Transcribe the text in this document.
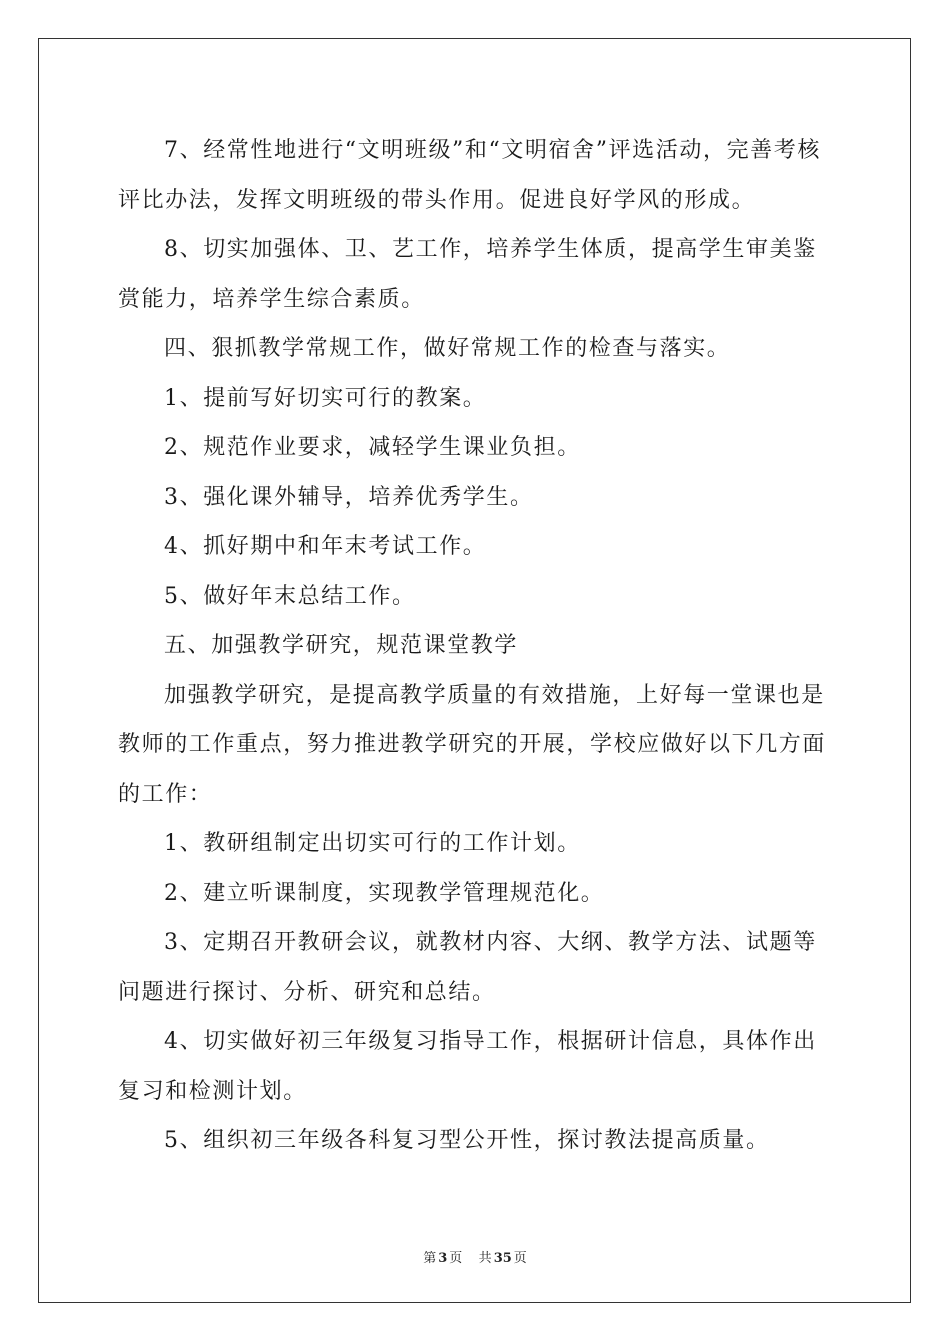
7、经常性地进行“文明班级”和“文明宿舍”评选活动，完善考核评比办法，发挥文明班级的带头作用。促进良好学风的形成。

8、切实加强体、卫、艺工作，培养学生体质，提高学生审美鉴赏能力，培养学生综合素质。

四、狠抓教学常规工作，做好常规工作的检查与落实。

1、提前写好切实可行的教案。

2、规范作业要求，减轻学生课业负担。

3、强化课外辅导，培养优秀学生。

4、抓好期中和年末考试工作。

5、做好年末总结工作。

五、加强教学研究，规范课堂教学

加强教学研究，是提高教学质量的有效措施，上好每一堂课也是教师的工作重点，努力推进教学研究的开展，学校应做好以下几方面的工作：

1、教研组制定出切实可行的工作计划。

2、建立听课制度，实现教学管理规范化。

3、定期召开教研会议，就教材内容、大纲、教学方法、试题等问题进行探讨、分析、研究和总结。

4、切实做好初三年级复习指导工作，根据研计信息，具体作出复习和检测计划。

5、组织初三年级各科复习型公开性，探讨教法提高质量。

第 3 页 共 35 页
